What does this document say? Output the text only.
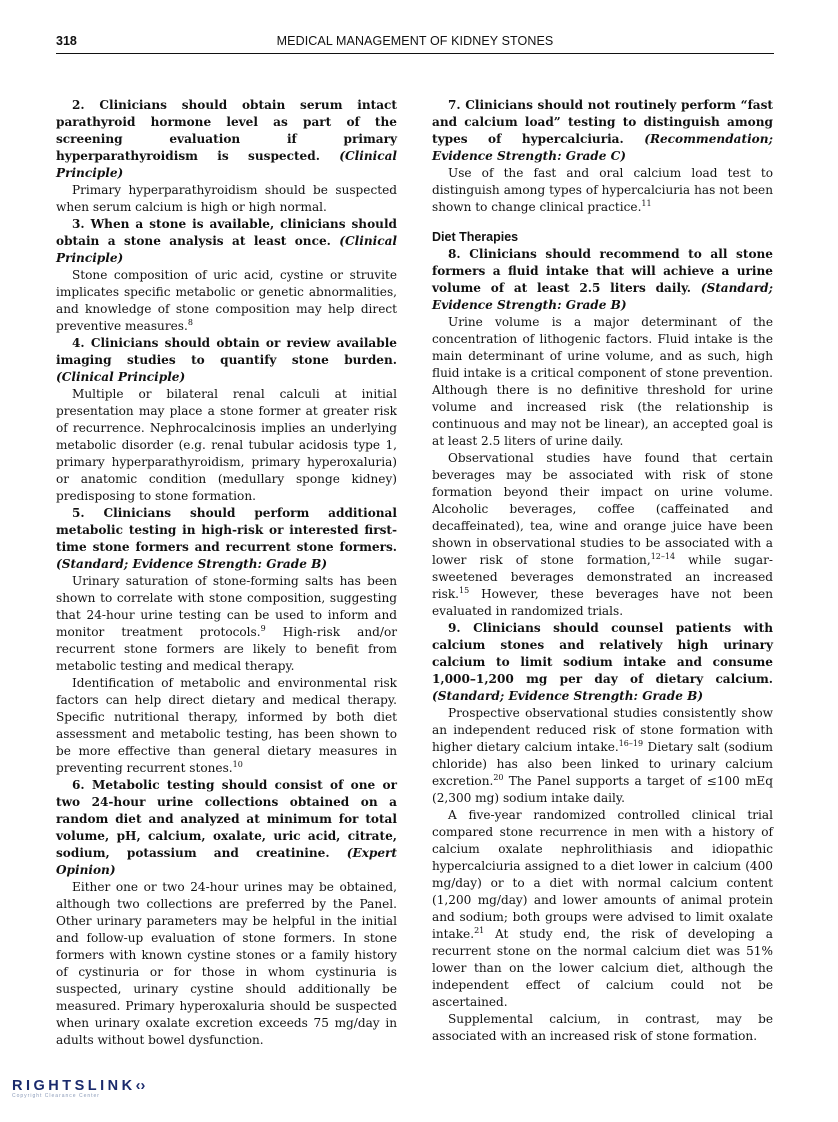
318	MEDICAL MANAGEMENT OF KIDNEY STONES

2. Clinicians should obtain serum intact parathyroid hormone level as part of the screening evaluation if primary hyperparathyroidism is suspected. (Clinical Principle)

Primary hyperparathyroidism should be suspected when serum calcium is high or high normal.

3. When a stone is available, clinicians should obtain a stone analysis at least once. (Clinical Principle)

Stone composition of uric acid, cystine or struvite implicates specific metabolic or genetic abnormalities, and knowledge of stone composition may help direct preventive measures.$^8$

4. Clinicians should obtain or review available imaging studies to quantify stone burden. (Clinical Principle)

Multiple or bilateral renal calculi at initial presentation may place a stone former at greater risk of recurrence. Nephrocalcinosis implies an underlying metabolic disorder (e.g. renal tubular acidosis type 1, primary hyperparathyroidism, primary hyperoxaluria) or anatomic condition (medullary sponge kidney) predisposing to stone formation.

5. Clinicians should perform additional metabolic testing in high-risk or interested first-time stone formers and recurrent stone formers. (Standard; Evidence Strength: Grade B)

Urinary saturation of stone-forming salts has been shown to correlate with stone composition, suggesting that 24-hour urine testing can be used to inform and monitor treatment protocols.$^9$ High-risk and/or recurrent stone formers are likely to benefit from metabolic testing and medical therapy.

Identification of metabolic and environmental risk factors can help direct dietary and medical therapy. Specific nutritional therapy, informed by both diet assessment and metabolic testing, has been shown to be more effective than general dietary measures in preventing recurrent stones.$^{10}$

6. Metabolic testing should consist of one or two 24-hour urine collections obtained on a random diet and analyzed at minimum for total volume, pH, calcium, oxalate, uric acid, citrate, sodium, potassium and creatinine. (Expert Opinion)

Either one or two 24-hour urines may be obtained, although two collections are preferred by the Panel. Other urinary parameters may be helpful in the initial and follow-up evaluation of stone formers. In stone formers with known cystine stones or a family history of cystinuria or for those in whom cystinuria is suspected, urinary cystine should additionally be measured. Primary hyperoxaluria should be suspected when urinary oxalate excretion exceeds 75 mg/day in adults without bowel dysfunction.

7. Clinicians should not routinely perform “fast and calcium load” testing to distinguish among types of hypercalciuria. (Recommendation; Evidence Strength: Grade C)

Use of the fast and oral calcium load test to distinguish among types of hypercalciuria has not been shown to change clinical practice.$^{11}$

Diet Therapies

8. Clinicians should recommend to all stone formers a fluid intake that will achieve a urine volume of at least 2.5 liters daily. (Standard; Evidence Strength: Grade B)

Urine volume is a major determinant of the concentration of lithogenic factors. Fluid intake is the main determinant of urine volume, and as such, high fluid intake is a critical component of stone prevention. Although there is no definitive threshold for urine volume and increased risk (the relationship is continuous and may not be linear), an accepted goal is at least 2.5 liters of urine daily.

Observational studies have found that certain beverages may be associated with risk of stone formation beyond their impact on urine volume. Alcoholic beverages, coffee (caffeinated and decaffeinated), tea, wine and orange juice have been shown in observational studies to be associated with a lower risk of stone formation,$^{12-14}$ while sugar-sweetened beverages demonstrated an increased risk.$^{15}$ However, these beverages have not been evaluated in randomized trials.

9. Clinicians should counsel patients with calcium stones and relatively high urinary calcium to limit sodium intake and consume 1,000–1,200 mg per day of dietary calcium. (Standard; Evidence Strength: Grade B)

Prospective observational studies consistently show an independent reduced risk of stone formation with higher dietary calcium intake.$^{16-19}$ Dietary salt (sodium chloride) has also been linked to urinary calcium excretion.$^{20}$ The Panel supports a target of ≤100 mEq (2,300 mg) sodium intake daily.

A five-year randomized controlled clinical trial compared stone recurrence in men with a history of calcium oxalate nephrolithiasis and idiopathic hypercalciuria assigned to a diet lower in calcium (400 mg/day) or to a diet with normal calcium content (1,200 mg/day) and lower amounts of animal protein and sodium; both groups were advised to limit oxalate intake.$^{21}$ At study end, the risk of developing a recurrent stone on the normal calcium diet was 51% lower than on the lower calcium diet, although the independent effect of calcium could not be ascertained.

Supplemental calcium, in contrast, may be associated with an increased risk of stone formation.

RIGHTSLINK‹›
Copyright Clearance Center
